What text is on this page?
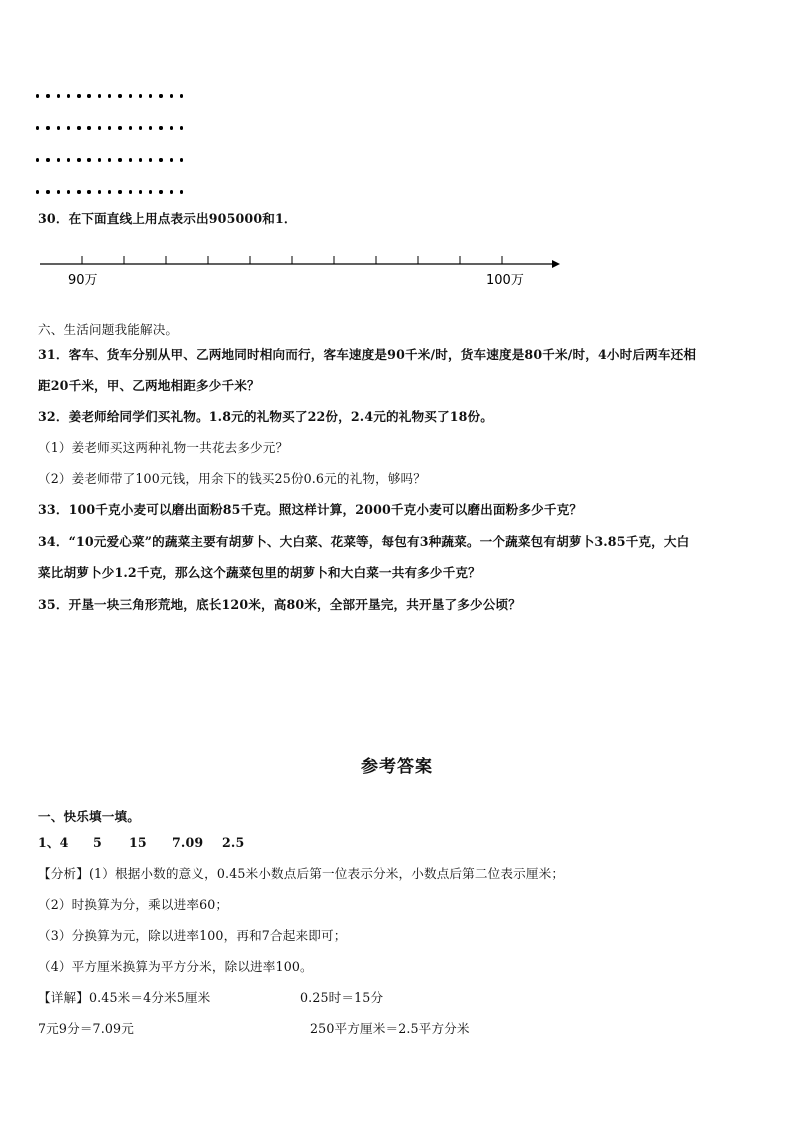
30．在下面直线上用点表示出905000和1．
90万	100万
六、生活问题我能解决。
31．客车、货车分别从甲、乙两地同时相向而行，客车速度是90千米/时，货车速度是80千米/时，4小时后两车还相
距20千米，甲、乙两地相距多少千米？
32．姜老师给同学们买礼物。1.8元的礼物买了22份，2.4元的礼物买了18份。
（1）姜老师买这两种礼物一共花去多少元？
（2）姜老师带了100元钱，用余下的钱买25份0.6元的礼物，够吗？
33．100千克小麦可以磨出面粉85千克。照这样计算，2000千克小麦可以磨出面粉多少千克？
34．“10元爱心菜”的蔬菜主要有胡萝卜、大白菜、花菜等，每包有3种蔬菜。一个蔬菜包有胡萝卜3.85千克，大白
菜比胡萝卜少1.2千克，那么这个蔬菜包里的胡萝卜和大白菜一共有多少千克？
35．开垦一块三角形荒地，底长120米，高80米，全部开垦完，共开垦了多少公顷？
参考答案
一、快乐填一填。
1、4 5 15 7.09 2.5
【分析】(1）根据小数的意义，0.45米小数点后第一位表示分米，小数点后第二位表示厘米；
（2）时换算为分，乘以进率60；
（3）分换算为元，除以进率100，再和7合起来即可；
（4）平方厘米换算为平方分米，除以进率100。
【详解】0.45米＝4分米5厘米	0.25时＝15分
7元9分＝7.09元	250平方厘米＝2.5平方分米
